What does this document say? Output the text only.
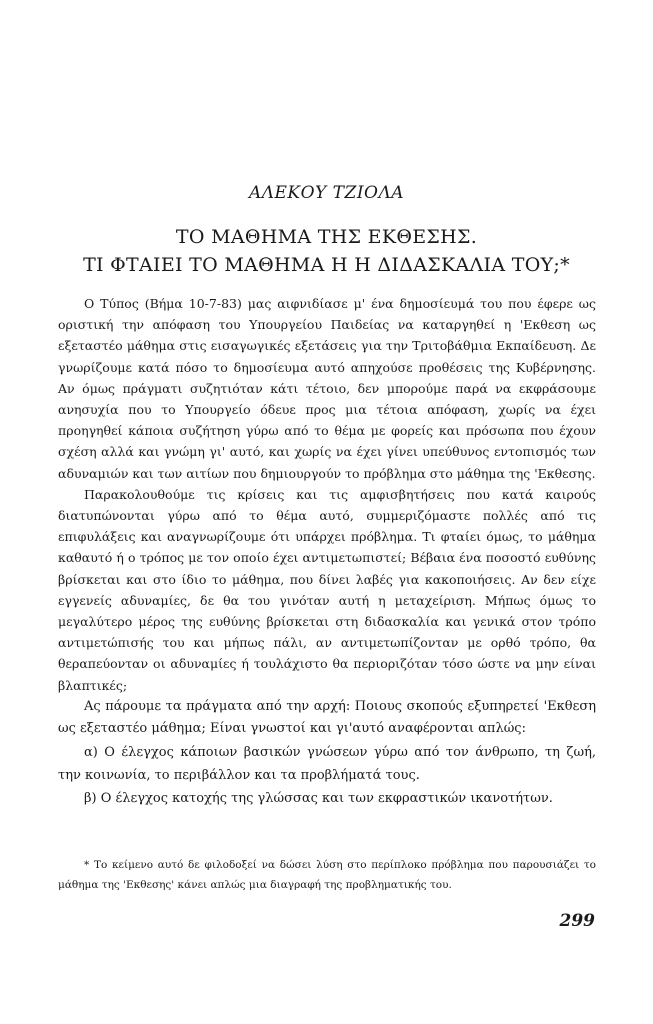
ΑΛΕΚΟΥ ΤΖΙΟΛΑ
ΤΟ ΜΑΘΗΜΑ ΤΗΣ ΕΚΘΕΣΗΣ.
ΤΙ ΦΤΑΙΕΙ ΤΟ ΜΑΘΗΜΑ Η Η ΔΙΔΑΣΚΑΛΙΑ ΤΟΥ;*

Ο Τύπος (Βήμα 10-7-83) μας αιφνιδίασε μ' ένα δημοσίευμά του που έφερε ως οριστική την απόφαση του Υπουργείου Παιδείας να καταργηθεί η 'Εκθεση ως εξεταστέο μάθημα στις εισαγωγικές εξετάσεις για την Τριτοβάθμια Εκπαίδευση. Δε γνωρίζουμε κατά πόσο το δημοσίευμα αυτό απηχούσε προθέσεις της Κυβέρνησης. Αν όμως πράγματι συζητιόταν κάτι τέτοιο, δεν μπορούμε παρά να εκφράσουμε ανησυχία που το Υπουργείο όδευε προς μια τέτοια απόφαση, χωρίς να έχει προηγηθεί κάποια συζήτηση γύρω από το θέμα με φορείς και πρόσωπα που έχουν σχέση αλλά και γνώμη γι' αυτό, και χωρίς να έχει γίνει υπεύθυνος εντοπισμός των αδυναμιών και των αιτίων που δημιουργούν το πρόβλημα στο μάθημα της 'Εκθεσης.

Παρακολουθούμε τις κρίσεις και τις αμφισβητήσεις που κατά καιρούς διατυπώνονται γύρω από το θέμα αυτό, συμμεριζόμαστε πολλές από τις επιφυλάξεις και αναγνωρίζουμε ότι υπάρχει πρόβλημα. Τι φταίει όμως, το μάθημα καθαυτό ή ο τρόπος με τον οποίο έχει αντιμετωπιστεί; Βέβαια ένα ποσοστό ευθύνης βρίσκεται και στο ίδιο το μάθημα, που δίνει λαβές για κακοποιήσεις. Αν δεν είχε εγγενείς αδυναμίες, δε θα του γινόταν αυτή η μεταχείριση. Μήπως όμως το μεγαλύτερο μέρος της ευθύνης βρίσκεται στη διδασκαλία και γενικά στον τρόπο αντιμετώπισής του και μήπως πάλι, αν αντιμετωπίζονταν με ορθό τρόπο, θα θεραπεύονταν οι αδυναμίες ή τουλάχιστο θα περιοριζόταν τόσο ώστε να μην είναι βλαπτικές;

Ας πάρουμε τα πράγματα από την αρχή: Ποιους σκοπούς εξυπηρετεί 'Εκθεση ως εξεταστέο μάθημα; Είναι γνωστοί και γι'αυτό αναφέρονται απλώς:

α) Ο έλεγχος κάποιων βασικών γνώσεων γύρω από τον άνθρωπο, τη ζωή, την κοινωνία, το περιβάλλον και τα προβλήματά τους.

β) Ο έλεγχος κατοχής της γλώσσας και των εκφραστικών ικανοτήτων.

* Το κείμενο αυτό δε φιλοδοξεί να δώσει λύση στο περίπλοκο πρόβλημα που παρουσιάζει το μάθημα της 'Εκθεσης' κάνει απλώς μια διαγραφή της προβληματικής του.
299
